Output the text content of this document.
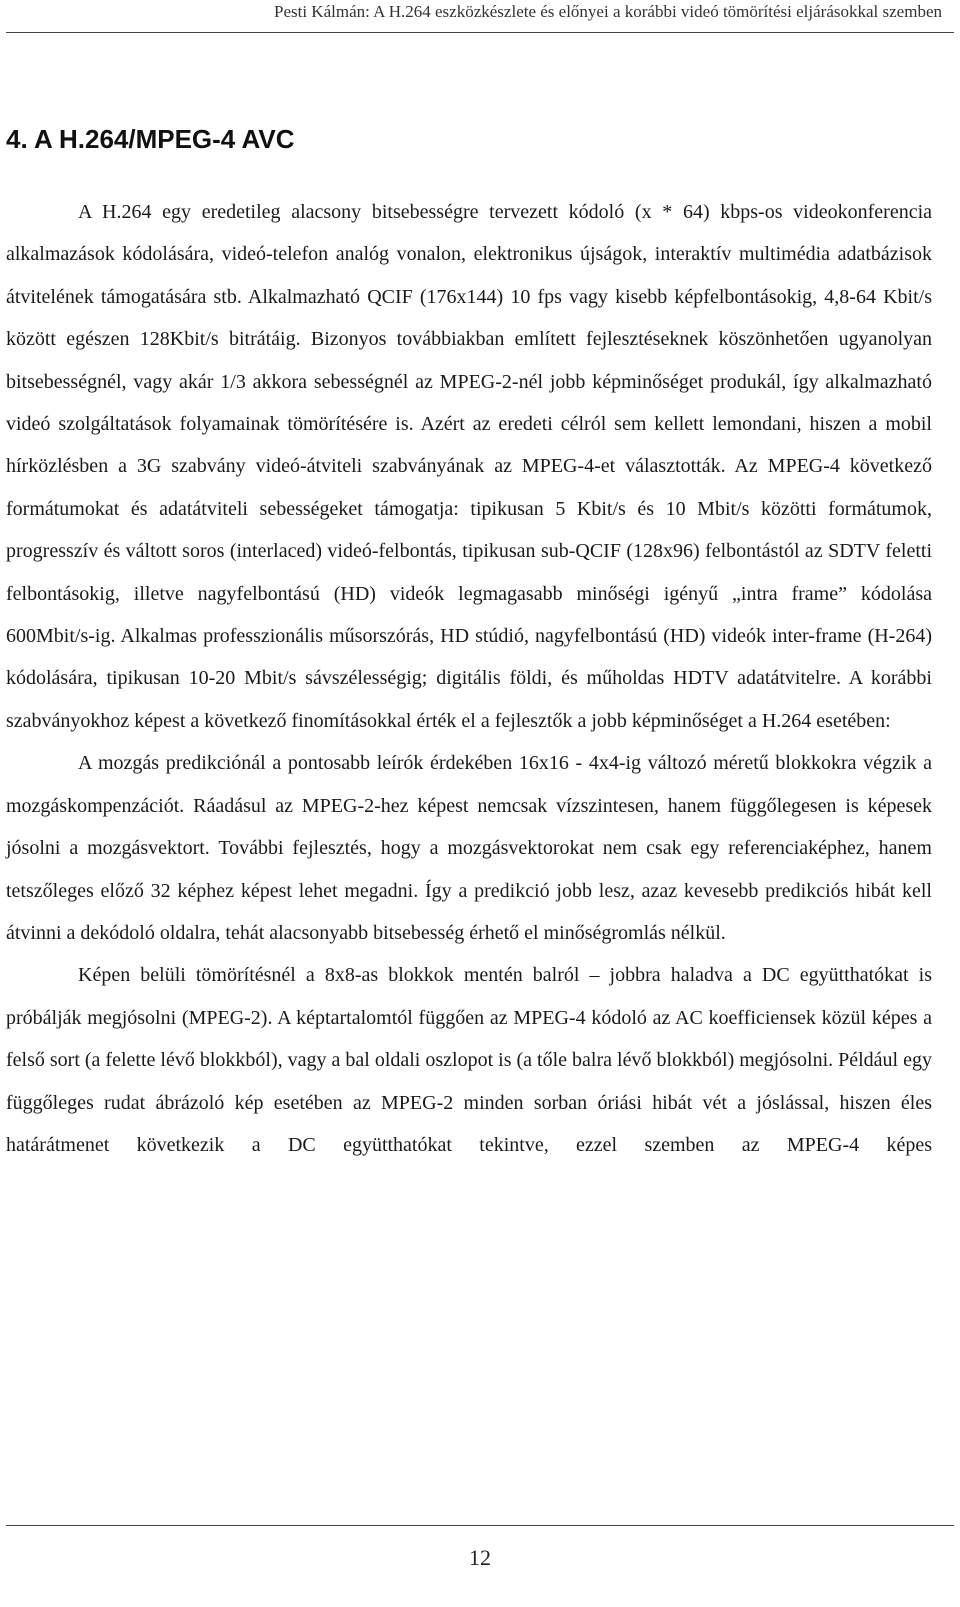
Pesti Kálmán: A H.264 eszközkészlete és előnyei a korábbi videó tömörítési eljárásokkal szemben
4. A H.264/MPEG-4 AVC

A H.264 egy eredetileg alacsony bitsebességre tervezett kódoló (x * 64) kbps-os videokonferencia alkalmazások kódolására, videó-telefon analóg vonalon, elektronikus újságok, interaktív multimédia adatbázisok átvitelének támogatására stb. Alkalmazható QCIF (176x144) 10 fps vagy kisebb képfelbontásokig, 4,8-64 Kbit/s között egészen 128Kbit/s bitrátáig. Bizonyos továbbiakban említett fejlesztéseknek köszönhetően ugyanolyan bitsebességnél, vagy akár 1/3 akkora sebességnél az MPEG-2-nél jobb képminőséget produkál, így alkalmazható videó szolgáltatások folyamainak tömörítésére is. Azért az eredeti célról sem kellett lemondani, hiszen a mobil hírközlésben a 3G szabvány videó-átviteli szabványának az MPEG-4-et választották. Az MPEG-4 következő formátumokat és adatátviteli sebességeket támogatja: tipikusan 5 Kbit/s és 10 Mbit/s közötti formátumok, progresszív és váltott soros (interlaced) videó-felbontás, tipikusan sub-QCIF (128x96) felbontástól az SDTV feletti felbontásokig, illetve nagyfelbontású (HD) videók legmagasabb minőségi igényű „intra frame” kódolása 600Mbit/s-ig. Alkalmas professzionális műsorszórás, HD stúdió, nagyfelbontású (HD) videók inter-frame (H-264) kódolására, tipikusan 10-20 Mbit/s sávszélességig; digitális földi, és műholdas HDTV adatátvitelre. A korábbi szabványokhoz képest a következő finomításokkal érték el a fejlesztők a jobb képminőséget a H.264 esetében:

A mozgás predikciónál a pontosabb leírók érdekében 16x16 - 4x4-ig változó méretű blokkokra végzik a mozgáskompenzációt. Ráadásul az MPEG-2-hez képest nemcsak vízszintesen, hanem függőlegesen is képesek jósolni a mozgásvektort. További fejlesztés, hogy a mozgásvektorokat nem csak egy referenciaképhez, hanem tetszőleges előző 32 képhez képest lehet megadni. Így a predikció jobb lesz, azaz kevesebb predikciós hibát kell átvinni a dekódoló oldalra, tehát alacsonyabb bitsebesség érhető el minőségromlás nélkül.

Képen belüli tömörítésnél a 8x8-as blokkok mentén balról – jobbra haladva a DC együtthatókat is próbálják megjósolni (MPEG-2). A képtartalomtól függően az MPEG-4 kódoló az AC koefficiensek közül képes a felső sort (a felette lévő blokkból), vagy a bal oldali oszlopot is (a tőle balra lévő blokkból) megjósolni. Például egy függőleges rudat ábrázoló kép esetében az MPEG-2 minden sorban óriási hibát vét a jóslással, hiszen éles határátmenet következik a DC együtthatókat tekintve, ezzel szemben az MPEG-4 képes

12
